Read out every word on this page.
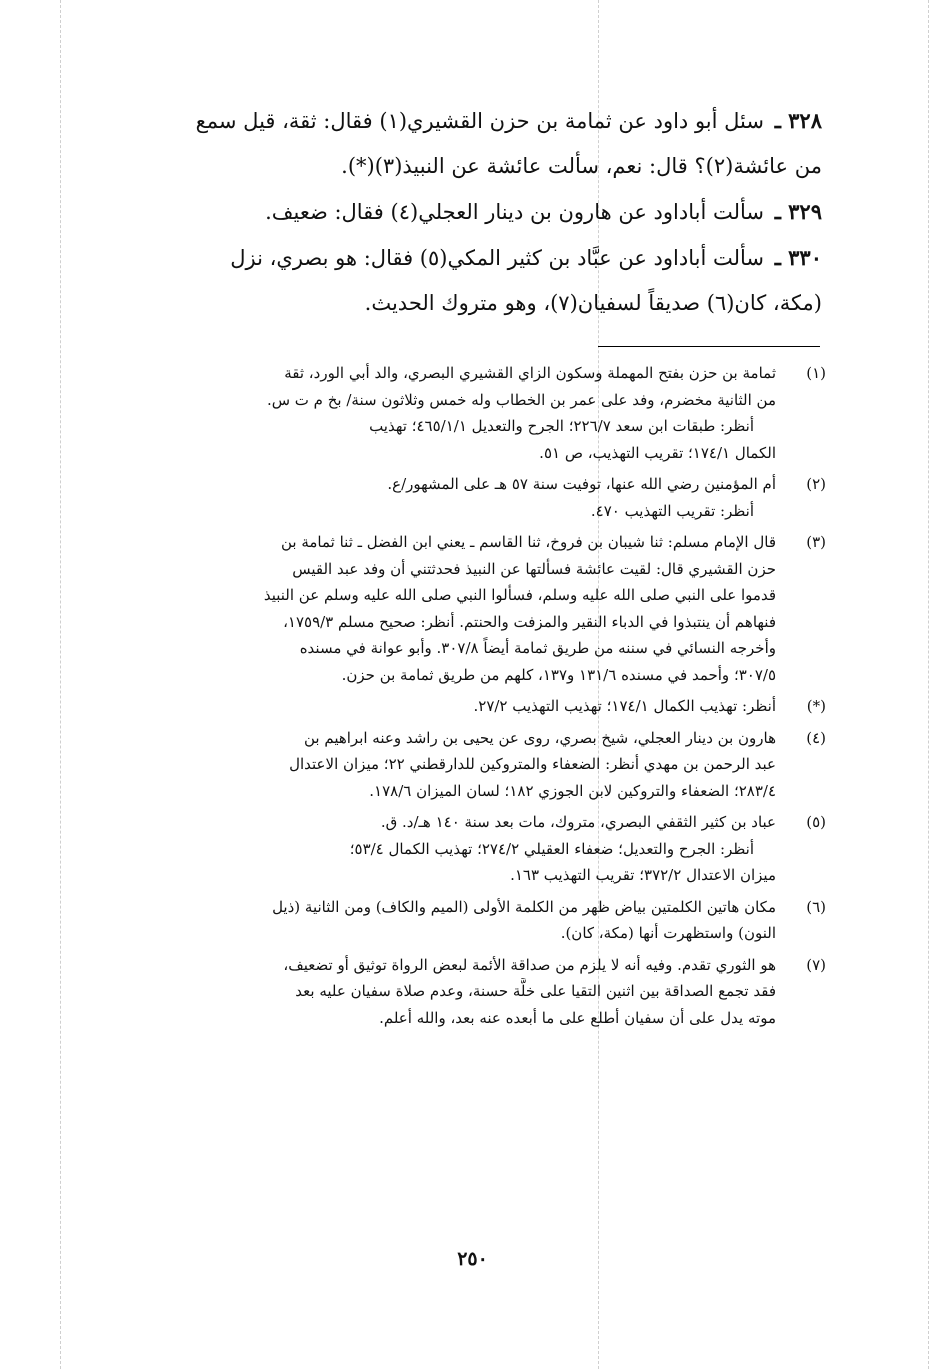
٣٢٨ ـ سئل أبو داود عن ثمامة بن حزن القشيري(١) فقال: ثقة، قيل سمع
من عائشة(٢)؟ قال: نعم، سألت عائشة عن النبيذ(٣)(*).
٣٢٩ ـ سألت أباداود عن هارون بن دينار العجلي(٤) فقال: ضعيف.
٣٣٠ ـ سألت أباداود عن عبَّاد بن كثير المكي(٥) فقال: هو بصري، نزل
(مكة، كان(٦) صديقاً لسفيان(٧)، وهو متروك الحديث.
(١)
ثمامة بن حزن بفتح المهملة وسكون الزاي القشيري البصري، والد أبي الورد، ثقة
من الثانية مخضرم، وفد على عمر بن الخطاب وله خمس وثلاثون سنة/ بخ م ت س.
أنظر: طبقات ابن سعد ٢٢٦/٧؛ الجرح والتعديل ٤٦٥/١/١؛ تهذيب
الكمال ١٧٤/١؛ تقريب التهذيب، ص ٥١.
(٢)
أم المؤمنين رضي الله عنها، توفيت سنة ٥٧ هـ على المشهور/ع.
أنظر: تقريب التهذيب ٤٧٠.
(٣)
قال الإمام مسلم: ثنا شيبان بن فروخ، ثنا القاسم ـ يعني ابن الفضل ـ ثنا ثمامة بن
حزن القشيري قال: لقيت عائشة فسألتها عن النبيذ فحدثتني أن وفد عبد القيس
قدموا على النبي صلى الله عليه وسلم، فسألوا النبي صلى الله عليه وسلم عن النبيذ
فنهاهم أن ينتبذوا في الدباء النقير والمزفت والحنتم. أنظر: صحيح مسلم ١٧٥٩/٣،
وأخرجه النسائي في سننه من طريق ثمامة أيضاً ٣٠٧/٨. وأبو عوانة في مسنده
٣٠٧/٥؛ وأحمد في مسنده ١٣١/٦ و١٣٧، كلهم من طريق ثمامة بن حزن.
(*)
أنظر: تهذيب الكمال ١٧٤/١؛ تهذيب التهذيب ٢٧/٢.
(٤)
هارون بن دينار العجلي، شيخ بصري، روى عن يحيى بن راشد وعنه ابراهيم بن
عبد الرحمن بن مهدي أنظر: الضعفاء والمتروكين للدارقطني ٢٢؛ ميزان الاعتدال
٢٨٣/٤؛ الضعفاء والتروكين لابن الجوزي ١٨٢؛ لسان الميزان ١٧٨/٦.
(٥)
عباد بن كثير الثقفي البصري، متروك، مات بعد سنة ١٤٠ هـ/د. ق.
أنظر: الجرح والتعديل؛ ضعفاء العقيلي ٢٧٤/٢؛ تهذيب الكمال ٥٣/٤؛
ميزان الاعتدال ٣٧٢/٢؛ تقريب التهذيب ١٦٣.
(٦)
مكان هاتين الكلمتين بياض ظهر من الكلمة الأولى (الميم والكاف) ومن الثانية (ذيل
النون) واستظهرت أنها (مكة، كان).
(٧)
هو الثوري تقدم. وفيه أنه لا يلزم من صداقة الأئمة لبعض الرواة توثيق أو تضعيف،
فقد تجمع الصداقة بين اثنين التقيا على خلَّة حسنة، وعدم صلاة سفيان عليه بعد
موته يدل على أن سفيان أطلع على ما أبعده عنه بعد، والله أعلم.
٢٥٠
